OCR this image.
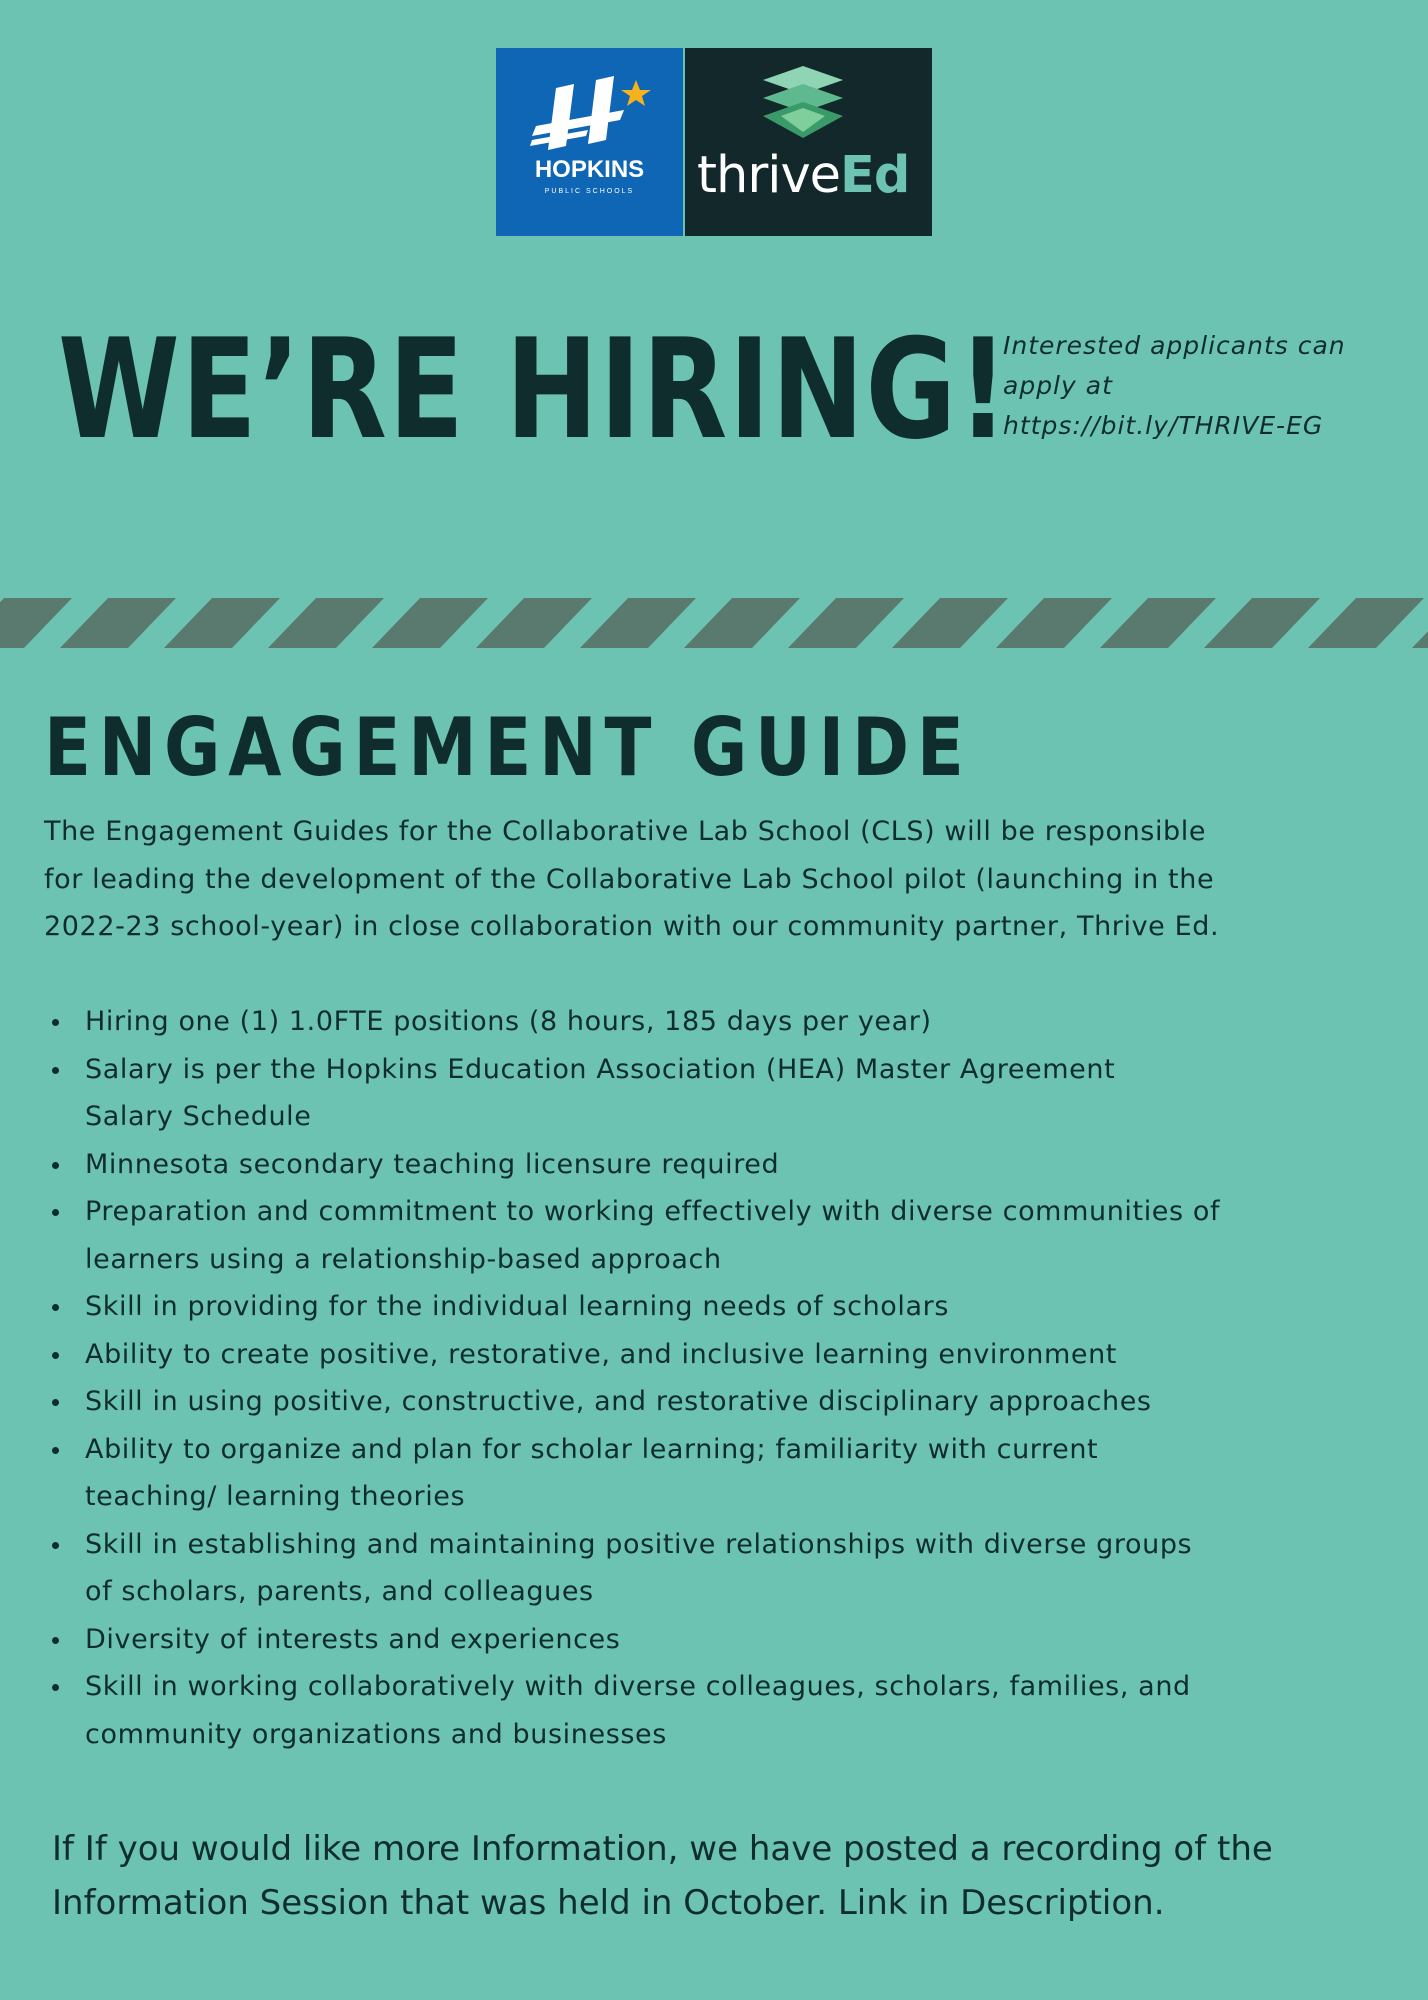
HOPKINS
PUBLIC SCHOOLS	thriveEd
WE’RE HIRING!
Interested applicants can
apply at
https://bit.ly/THRIVE-EG
ENGAGEMENT GUIDE

The Engagement Guides for the Collaborative Lab School (CLS) will be responsible
for leading the development of the Collaborative Lab School pilot (launching in the
2022-23 school-year) in close collaboration with our community partner, Thrive Ed.

Hiring one (1) 1.0FTE positions (8 hours, 185 days per year)
Salary is per the Hopkins Education Association (HEA) Master Agreement
Salary Schedule
Minnesota secondary teaching licensure required
Preparation and commitment to working effectively with diverse communities of
learners using a relationship-based approach
Skill in providing for the individual learning needs of scholars
Ability to create positive, restorative, and inclusive learning environment
Skill in using positive, constructive, and restorative disciplinary approaches
Ability to organize and plan for scholar learning; familiarity with current
teaching/ learning theories
Skill in establishing and maintaining positive relationships with diverse groups
of scholars, parents, and colleagues
Diversity of interests and experiences
Skill in working collaboratively with diverse colleagues, scholars, families, and
community organizations and businesses

If If you would like more Information, we have posted a recording of the
Information Session that was held in October. Link in Description.
